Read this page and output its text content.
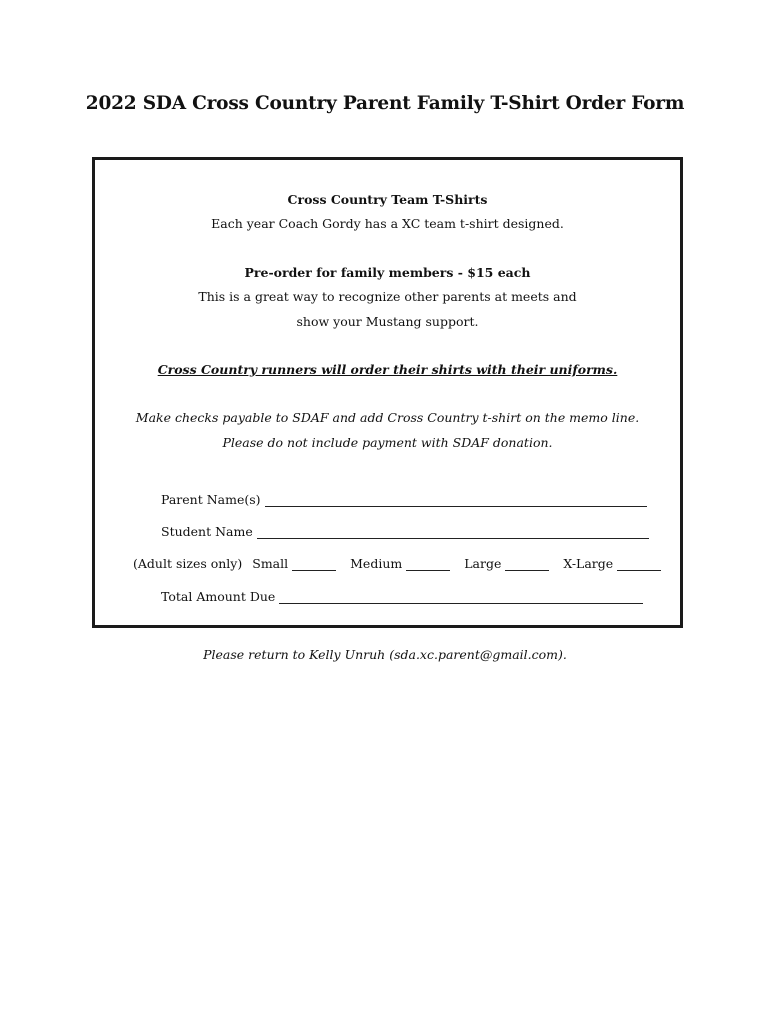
2022 SDA Cross Country Parent Family T-Shirt Order Form
Cross Country Team T-Shirts
Each year Coach Gordy has a XC team t-shirt designed.
Pre-order for family members - $15 each
This is a great way to recognize other parents at meets and
show your Mustang support.
Cross Country runners will order their shirts with their uniforms.
Make checks payable to SDAF and add Cross Country t-shirt on the memo line.
Please do not include payment with SDAF donation.
Parent Name(s)
Student Name
(Adult sizes only) Small	Medium	Large	X-Large
Total Amount Due
Please return to Kelly Unruh (sda.xc.parent@gmail.com).
